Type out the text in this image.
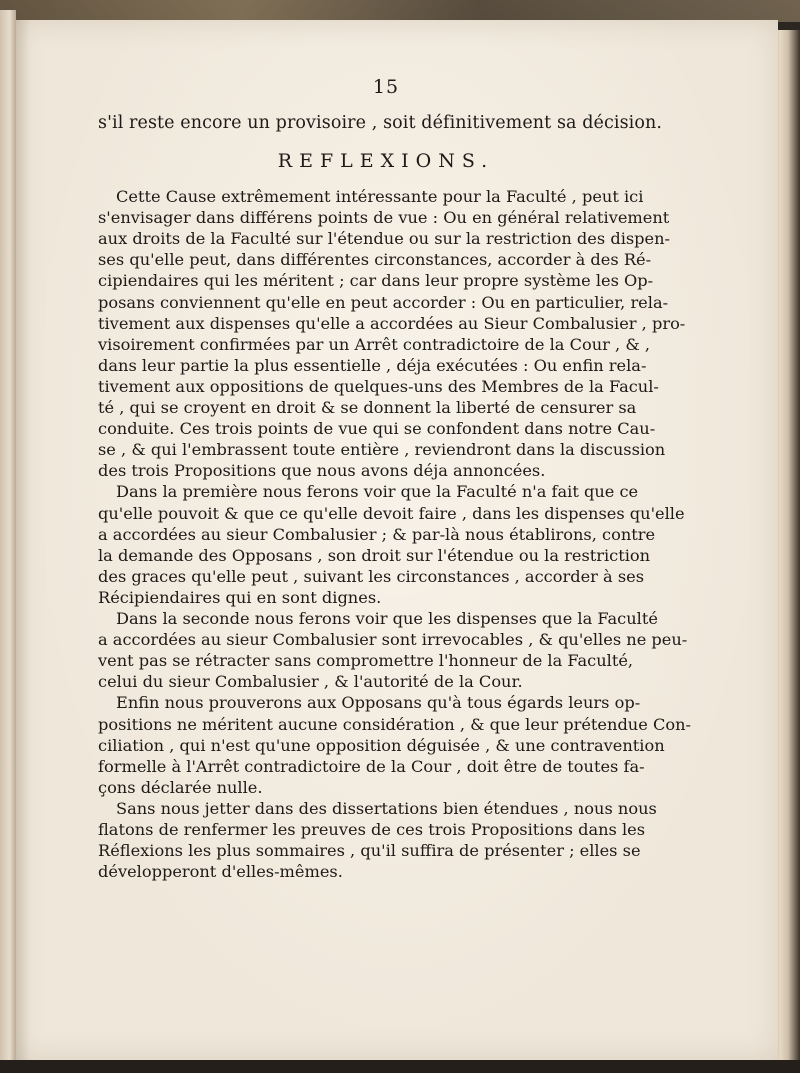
15
s'il reste encore un provisoire , soit définitivement sa décision.
REFLEXIONS.
Cette Cause extrêmement intéressante pour la Faculté , peut ici
s'envisager dans différens points de vue : Ou en général relativement
aux droits de la Faculté sur l'étendue ou sur la restriction des dispen-
ses qu'elle peut, dans différentes circonstances, accorder à des Ré-
cipiendaires qui les méritent ; car dans leur propre système les Op-
posans conviennent qu'elle en peut accorder : Ou en particulier, rela-
tivement aux dispenses qu'elle a accordées au Sieur Combalusier , pro-
visoirement confirmées par un Arrêt contradictoire de la Cour , & ,
dans leur partie la plus essentielle , déja exécutées : Ou enfin rela-
tivement aux oppositions de quelques-uns des Membres de la Facul-
té , qui se croyent en droit & se donnent la liberté de censurer sa
conduite. Ces trois points de vue qui se confondent dans notre Cau-
se , & qui l'embrassent toute entière , reviendront dans la discussion
des trois Propositions que nous avons déja annoncées.
Dans la première nous ferons voir que la Faculté n'a fait que ce
qu'elle pouvoit & que ce qu'elle devoit faire , dans les dispenses qu'elle
a accordées au sieur Combalusier ; & par-là nous établirons, contre
la demande des Opposans , son droit sur l'étendue ou la restriction
des graces qu'elle peut , suivant les circonstances , accorder à ses
Récipiendaires qui en sont dignes.
Dans la seconde nous ferons voir que les dispenses que la Faculté
a accordées au sieur Combalusier sont irrevocables , & qu'elles ne peu-
vent pas se rétracter sans compromettre l'honneur de la Faculté,
celui du sieur Combalusier , & l'autorité de la Cour.
Enfin nous prouverons aux Opposans qu'à tous égards leurs op-
positions ne méritent aucune considération , & que leur prétendue Con-
ciliation , qui n'est qu'une opposition déguisée , & une contravention
formelle à l'Arrêt contradictoire de la Cour , doit être de toutes fa-
çons déclarée nulle.
Sans nous jetter dans des dissertations bien étendues , nous nous
flatons de renfermer les preuves de ces trois Propositions dans les
Réflexions les plus sommaires , qu'il suffira de présenter ; elles se
développeront d'elles-mêmes.
